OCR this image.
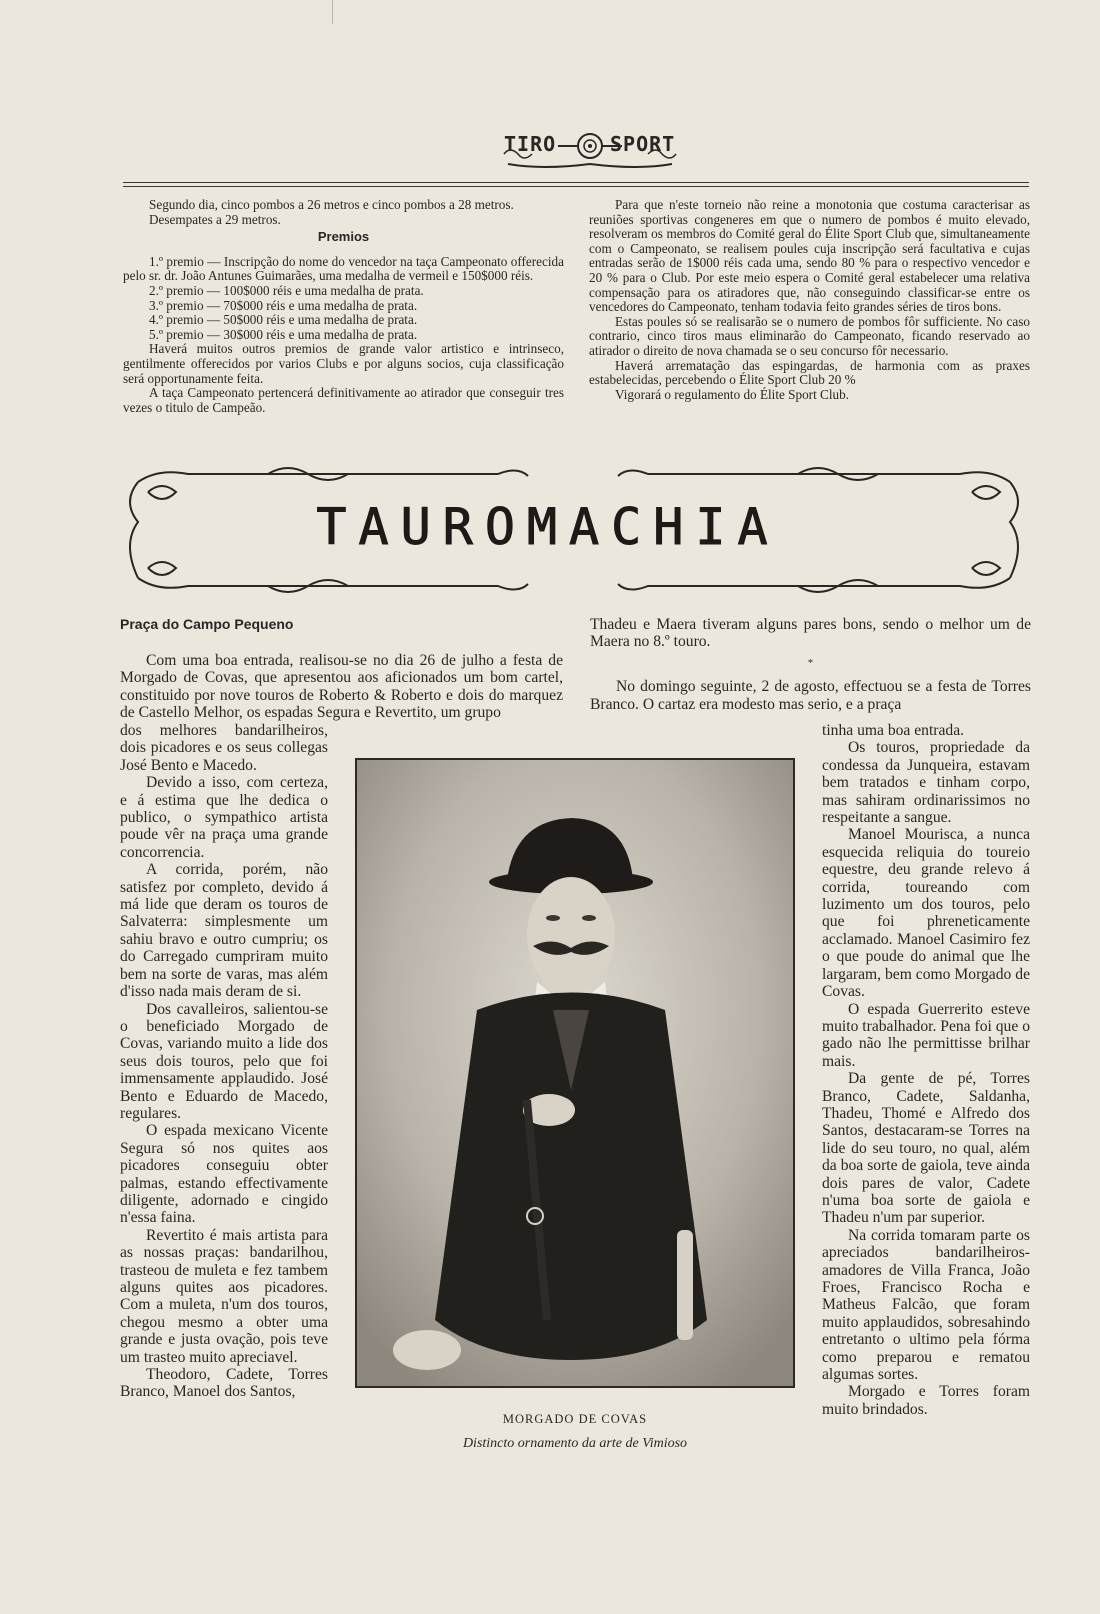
TIRO	SPORT

Segundo dia, cinco pombos a 26 metros e cinco pombos a 28 metros.

Desempates a 29 metros.

Premios

1.º premio — Inscripção do nome do vencedor na taça Campeonato offerecida pelo sr. dr. João Antunes Guimarães, uma medalha de vermeil e 150$000 réis.

2.º premio — 100$000 réis e uma medalha de prata.

3.º premio — 70$000 réis e uma medalha de prata.

4.º premio — 50$000 réis e uma medalha de prata.

5.º premio — 30$000 réis e uma medalha de prata.

Haverá muitos outros premios de grande valor artistico e intrinseco, gentilmente offerecidos por varios Clubs e por alguns socios, cuja classificação será opportunamente feita.

A taça Campeonato pertencerá definitivamente ao atirador que conseguir tres vezes o titulo de Campeão.

Para que n'este torneio não reine a monotonia que costuma caracterisar as reuniões sportivas congeneres em que o numero de pombos é muito elevado, resolveram os membros do Comité geral do Élite Sport Club que, simultaneamente com o Campeonato, se realisem poules cuja inscripção será facultativa e cujas entradas serão de 1$000 réis cada uma, sendo 80 % para o respectivo vencedor e 20 % para o Club. Por este meio espera o Comité geral estabelecer uma relativa compensação para os atiradores que, não conseguindo classificar-se entre os vencedores do Campeonato, tenham todavia feito grandes séries de tiros bons.

Estas poules só se realisarão se o numero de pombos fôr sufficiente. No caso contrario, cinco tiros maus eliminarão do Campeonato, ficando reservado ao atirador o direito de nova chamada se o seu concurso fôr necessario.

Haverá arrematação das espingardas, de harmonia com as praxes estabelecidas, percebendo o Élite Sport Club 20 %

Vigorará o regulamento do Élite Sport Club.

TAUROMACHIA
Praça do Campo Pequeno

Com uma boa entrada, realisou-se no dia 26 de julho a festa de Morgado de Covas, que apresentou aos aficionados um bom cartel, constituido por nove touros de Roberto & Roberto e dois do marquez de Castello Melhor, os espadas Segura e Revertito, um grupo

dos melhores bandarilheiros, dois picadores e os seus collegas José Bento e Macedo.

Devido a isso, com certeza, e á estima que lhe dedica o publico, o sympathico artista poude vêr na praça uma grande concorrencia.

A corrida, porém, não satisfez por completo, devido á má lide que deram os touros de Salvaterra: simplesmente um sahiu bravo e outro cumpriu; os do Carregado cumpriram muito bem na sorte de varas, mas além d'isso nada mais deram de si.

Dos cavalleiros, salientou-se o beneficiado Morgado de Covas, variando muito a lide dos seus dois touros, pelo que foi immensamente applaudido. José Bento e Eduardo de Macedo, regulares.

O espada mexicano Vicente Segura só nos quites aos picadores conseguiu obter palmas, estando effectivamente diligente, adornado e cingido n'essa faina.

Revertito é mais artista para as nossas praças: bandarilhou, trasteou de muleta e fez tambem alguns quites aos picadores. Com a muleta, n'um dos touros, chegou mesmo a obter uma grande e justa ovação, pois teve um trasteo muito apreciavel.

Theodoro, Cadete, Torres Branco, Manoel dos Santos,

Thadeu e Maera tiveram alguns pares bons, sendo o melhor um de Maera no 8.º touro.

*

No domingo seguinte, 2 de agosto, effectuou se a festa de Torres Branco. O cartaz era modesto mas serio, e a praça

tinha uma boa entrada.

Os touros, propriedade da condessa da Junqueira, estavam bem tratados e tinham corpo, mas sahiram ordinarissimos no respeitante a sangue.

Manoel Mourisca, a nunca esquecida reliquia do toureio equestre, deu grande relevo á corrida, toureando com luzimento um dos touros, pelo que foi phreneticamente acclamado. Manoel Casimiro fez o que poude do animal que lhe largaram, bem como Morgado de Covas.

O espada Guerrerito esteve muito trabalhador. Pena foi que o gado não lhe permittisse brilhar mais.

Da gente de pé, Torres Branco, Cadete, Saldanha, Thadeu, Thomé e Alfredo dos Santos, destacaram-se Torres na lide do seu touro, no qual, além da boa sorte de gaiola, teve ainda dois pares de valor, Cadete n'uma boa sorte de gaiola e Thadeu n'um par superior.

Na corrida tomaram parte os apreciados bandarilheiros-amadores de Villa Franca, João Froes, Francisco Rocha e Matheus Falcão, que foram muito applaudidos, sobresahindo entretanto o ultimo pela fórma como preparou e rematou algumas sortes.

Morgado e Torres foram muito brindados.

MORGADO DE COVAS
Distincto ornamento da arte de Vimioso
